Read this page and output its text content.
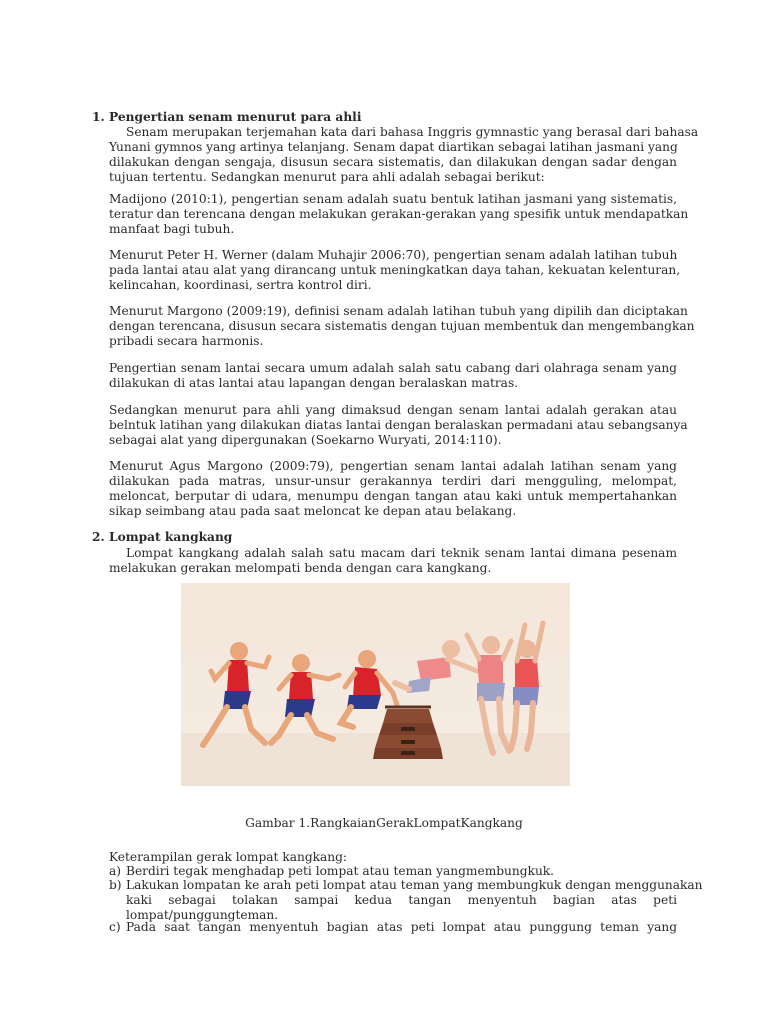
1. Pengertian senam menurut para ahli
Senam merupakan terjemahan kata dari bahasa Inggris gymnastic yang berasal dari bahasa
Yunani gymnos yang artinya telanjang. Senam dapat diartikan sebagai latihan jasmani yang
dilakukan dengan sengaja, disusun secara sistematis, dan dilakukan dengan sadar dengan
tujuan tertentu. Sedangkan menurut para ahli adalah sebagai berikut:
Madijono (2010:1), pengertian senam adalah suatu bentuk latihan jasmani yang sistematis,
teratur dan terencana dengan melakukan gerakan-gerakan yang spesifik untuk mendapatkan
manfaat bagi tubuh.
Menurut Peter H. Werner (dalam Muhajir 2006:70), pengertian senam adalah latihan tubuh
pada lantai atau alat yang dirancang untuk meningkatkan daya tahan, kekuatan kelenturan,
kelincahan, koordinasi, sertra kontrol diri.
Menurut Margono (2009:19), definisi senam adalah latihan tubuh yang dipilih dan diciptakan
dengan terencana, disusun secara sistematis dengan tujuan membentuk dan mengembangkan
pribadi secara harmonis.
Pengertian senam lantai secara umum adalah salah satu cabang dari olahraga senam yang
dilakukan di atas lantai atau lapangan dengan beralaskan matras.
Sedangkan menurut para ahli yang dimaksud dengan senam lantai adalah gerakan atau
belntuk latihan yang dilakukan diatas lantai dengan beralaskan permadani atau sebangsanya
sebagai alat yang dipergunakan (Soekarno Wuryati, 2014:110).
Menurut Agus Margono (2009:79), pengertian senam lantai adalah latihan senam yang
dilakukan pada matras, unsur-unsur gerakannya terdiri dari mengguling, melompat,
meloncat, berputar di udara, menumpu dengan tangan atau kaki untuk mempertahankan
sikap seimbang atau pada saat meloncat ke depan atau belakang.
2. Lompat kangkang
Lompat kangkang adalah salah satu macam dari teknik senam lantai dimana pesenam
melakukan gerakan melompati benda dengan cara kangkang.
Gambar 1.RangkaianGerakLompatKangkang
Keterampilan gerak lompat kangkang:
a) Berdiri tegak menghadap peti lompat atau teman yangmembungkuk.
b) Lakukan lompatan ke arah peti lompat atau teman yang membungkuk dengan menggunakan
kaki sebagai tolakan sampai kedua tangan menyentuh bagian atas peti
lompat/punggungteman.
c) Pada saat tangan menyentuh bagian atas peti lompat atau punggung teman yang
